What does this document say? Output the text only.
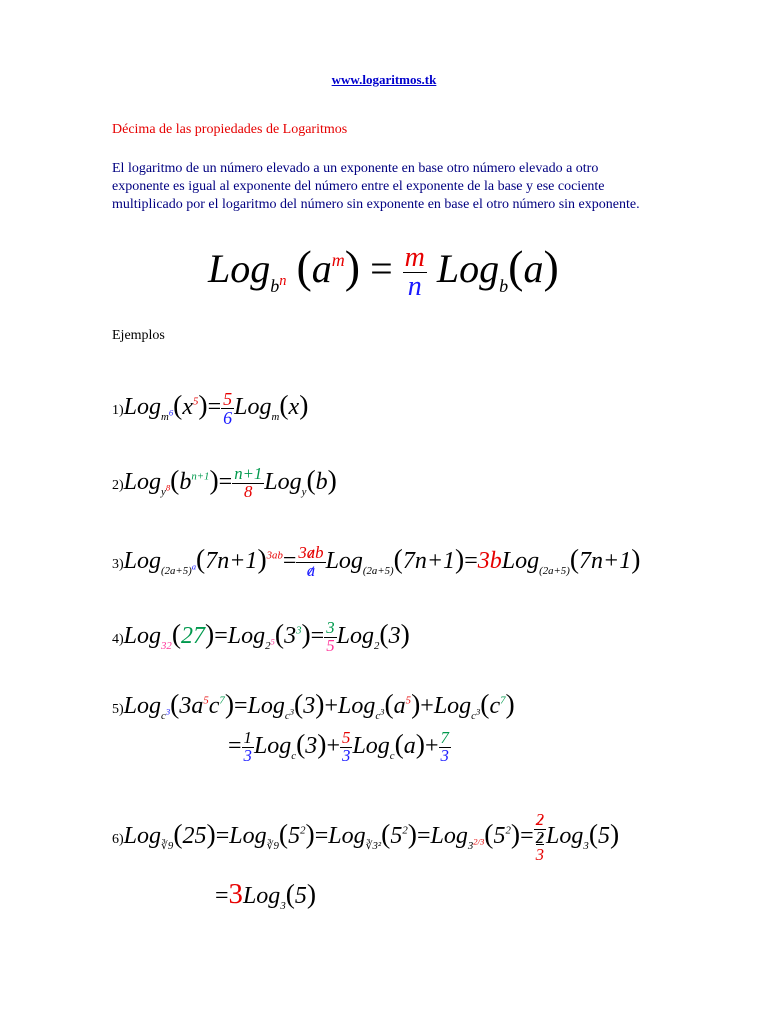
www.logaritmos.tk
Décima de las propiedades de Logaritmos
El logaritmo de un número elevado a un exponente en base otro número elevado a otro exponente es igual al exponente del número entre el exponente de la base y ese cociente multiplicado por el logaritmo del número sin exponente en base el otro número sin exponente.
Log$_{b^n}$ $(a^m) = \frac{m}{n} Log_b(a)$
Ejemplos
$1)Log_{m^6}(x^5)= \frac{5}{6} Log_m(x)$
$2)Log_{y^8}(b^{n+1})= \frac{n+1}{8} Log_y(b)$
$3)Log_{(2a+5)^a}(7n+1)^{3ab}= \frac{3ab}{a}$ Log$_{(2a+5)}$(7n+1)=3bLog$_{(2a+5)}$(7n+1)
$4)Log_{32}(27)=Log_{2^5}(3^3)= \frac{3}{5} Log_2(3)$
$5)Log_{c^3}(3a^5c^7)=Log_{c^3}(3)+Log_{c^3}(a^5)+Log_{c^3}(c^7)$
= $\frac{1}{3} Log_c(3)+ \frac{5}{3} Log_c(a)+ \frac{7}{3}$
$6)Log_{∛9}(25)=Log_{∛9}(5^2)=Log_{∛3^2}(5^2)=Log_{3^{2/3}}(5^2)=$
2
2
3
Log$_3$(5)
=3Log$_3$(5)
